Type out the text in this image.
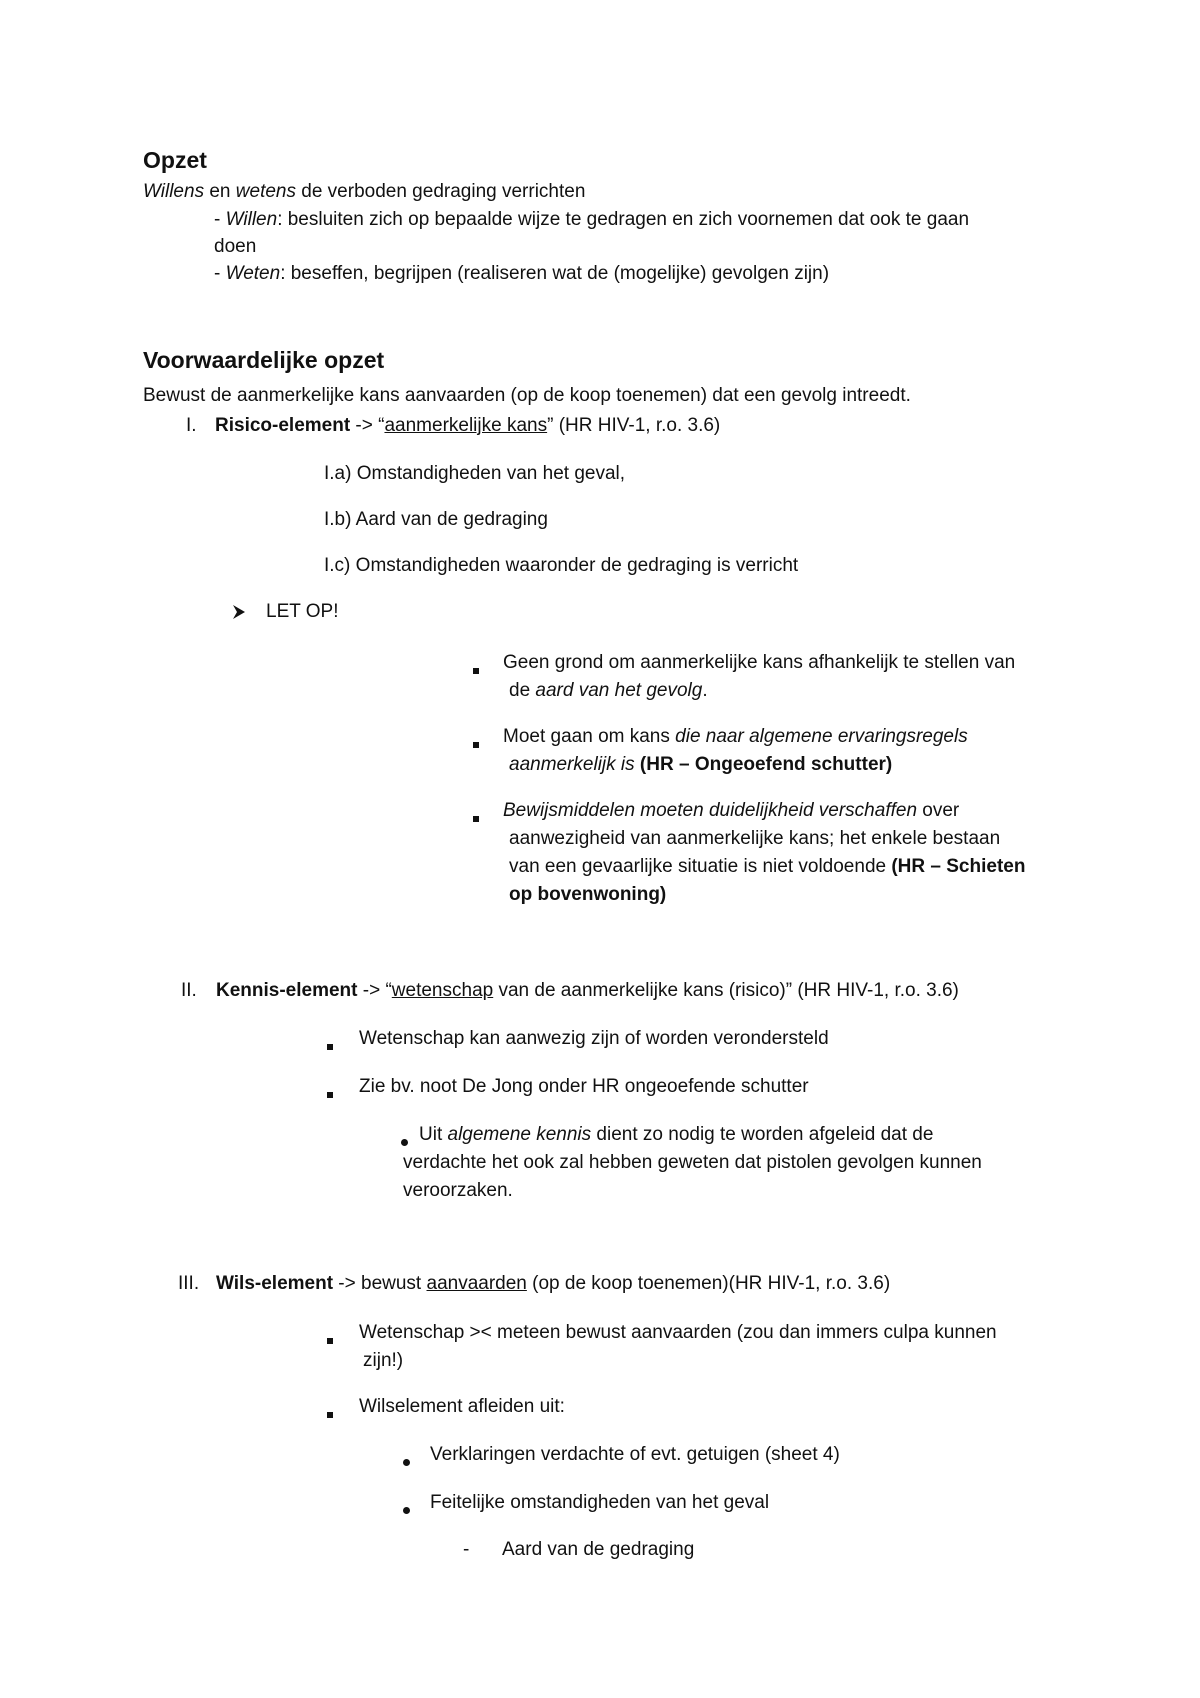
Opzet
Willens en wetens de verboden gedraging verrichten
- Willen: besluiten zich op bepaalde wijze te gedragen en zich voornemen dat ook te gaan
doen
- Weten: beseffen, begrijpen (realiseren wat de (mogelijke) gevolgen zijn)
Voorwaardelijke opzet
Bewust de aanmerkelijke kans aanvaarden (op de koop toenemen) dat een gevolg intreedt.
I. Risico-element -> “aanmerkelijke kans” (HR HIV-1, r.o. 3.6)
I.a) Omstandigheden van het geval,
I.b) Aard van de gedraging
I.c) Omstandigheden waaronder de gedraging is verricht
LET OP!
Geen grond om aanmerkelijke kans afhankelijk te stellen van
de aard van het gevolg.
Moet gaan om kans die naar algemene ervaringsregels
aanmerkelijk is (HR – Ongeoefend schutter)
Bewijsmiddelen moeten duidelijkheid verschaffen over
aanwezigheid van aanmerkelijke kans; het enkele bestaan
van een gevaarlijke situatie is niet voldoende (HR – Schieten
op bovenwoning)
II. Kennis-element -> “wetenschap van de aanmerkelijke kans (risico)” (HR HIV-1, r.o. 3.6)
Wetenschap kan aanwezig zijn of worden verondersteld
Zie bv. noot De Jong onder HR ongeoefende schutter
Uit algemene kennis dient zo nodig te worden afgeleid dat de
verdachte het ook zal hebben geweten dat pistolen gevolgen kunnen
veroorzaken.
III. Wils-element -> bewust aanvaarden (op de koop toenemen)(HR HIV-1, r.o. 3.6)
Wetenschap >< meteen bewust aanvaarden (zou dan immers culpa kunnen
zijn!)
Wilselement afleiden uit:
Verklaringen verdachte of evt. getuigen (sheet 4)
Feitelijke omstandigheden van het geval
- Aard van de gedraging
